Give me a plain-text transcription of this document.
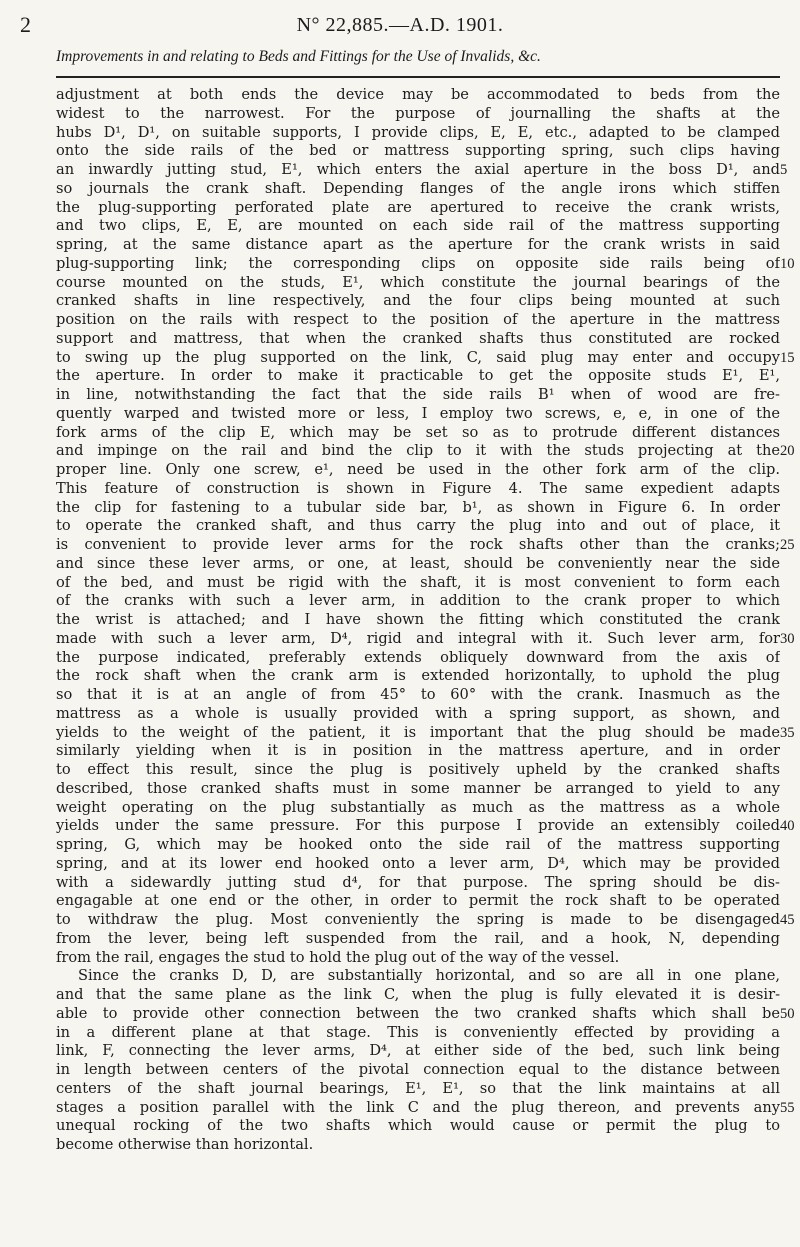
2	N° 22,885.—A.D. 1901.
Improvements in and relating to Beds and Fittings for the Use of Invalids, &c.
adjustment at both ends the device may be accommodated to beds from the
widest to the narrowest. For the purpose of journalling the shafts at the
hubs D¹, D¹, on suitable supports, I provide clips, E, E, etc., adapted to be clamped
onto the side rails of the bed or mattress supporting spring, such clips having
an inwardly jutting stud, E¹, which enters the axial aperture in the boss D¹, and
so journals the crank shaft. Depending flanges of the angle irons which stiffen
the plug-supporting perforated plate are apertured to receive the crank wrists,
and two clips, E, E, are mounted on each side rail of the mattress supporting
spring, at the same distance apart as the aperture for the crank wrists in said
plug-supporting link; the corresponding clips on opposite side rails being of
course mounted on the studs, E¹, which constitute the journal bearings of the
cranked shafts in line respectively, and the four clips being mounted at such
position on the rails with respect to the position of the aperture in the mattress
support and mattress, that when the cranked shafts thus constituted are rocked
to swing up the plug supported on the link, C, said plug may enter and occupy
the aperture. In order to make it practicable to get the opposite studs E¹, E¹,
in line, notwithstanding the fact that the side rails B¹ when of wood are fre-
quently warped and twisted more or less, I employ two screws, e, e, in one of the
fork arms of the clip E, which may be set so as to protrude different distances
and impinge on the rail and bind the clip to it with the studs projecting at the
proper line. Only one screw, e¹, need be used in the other fork arm of the clip.
This feature of construction is shown in Figure 4. The same expedient adapts
the clip for fastening to a tubular side bar, b¹, as shown in Figure 6. In order
to operate the cranked shaft, and thus carry the plug into and out of place, it
is convenient to provide lever arms for the rock shafts other than the cranks;
and since these lever arms, or one, at least, should be conveniently near the side
of the bed, and must be rigid with the shaft, it is most convenient to form each
of the cranks with such a lever arm, in addition to the crank proper to which
the wrist is attached; and I have shown the fitting which constituted the crank
made with such a lever arm, D⁴, rigid and integral with it. Such lever arm, for
the purpose indicated, preferably extends obliquely downward from the axis of
the rock shaft when the crank arm is extended horizontally, to uphold the plug
so that it is at an angle of from 45° to 60° with the crank. Inasmuch as the
mattress as a whole is usually provided with a spring support, as shown, and
yields to the weight of the patient, it is important that the plug should be made
similarly yielding when it is in position in the mattress aperture, and in order
to effect this result, since the plug is positively upheld by the cranked shafts
described, those cranked shafts must in some manner be arranged to yield to any
weight operating on the plug substantially as much as the mattress as a whole
yields under the same pressure. For this purpose I provide an extensibly coiled
spring, G, which may be hooked onto the side rail of the mattress supporting
spring, and at its lower end hooked onto a lever arm, D⁴, which may be provided
with a sidewardly jutting stud d⁴, for that purpose. The spring should be dis-
engagable at one end or the other, in order to permit the rock shaft to be operated
to withdraw the plug. Most conveniently the spring is made to be disengaged
from the lever, being left suspended from the rail, and a hook, N, depending
from the rail, engages the stud to hold the plug out of the way of the vessel.
Since the cranks D, D, are substantially horizontal, and so are all in one plane,
and that the same plane as the link C, when the plug is fully elevated it is desir-
able to provide other connection between the two cranked shafts which shall be
in a different plane at that stage. This is conveniently effected by providing a
link, F, connecting the lever arms, D⁴, at either side of the bed, such link being
in length between centers of the pivotal connection equal to the distance between
centers of the shaft journal bearings, E¹, E¹, so that the link maintains at all
stages a position parallel with the link C and the plug thereon, and prevents any
unequal rocking of the two shafts which would cause or permit the plug to
become otherwise than horizontal.
5
10
15
20
25
30
35
40
45
50
55
